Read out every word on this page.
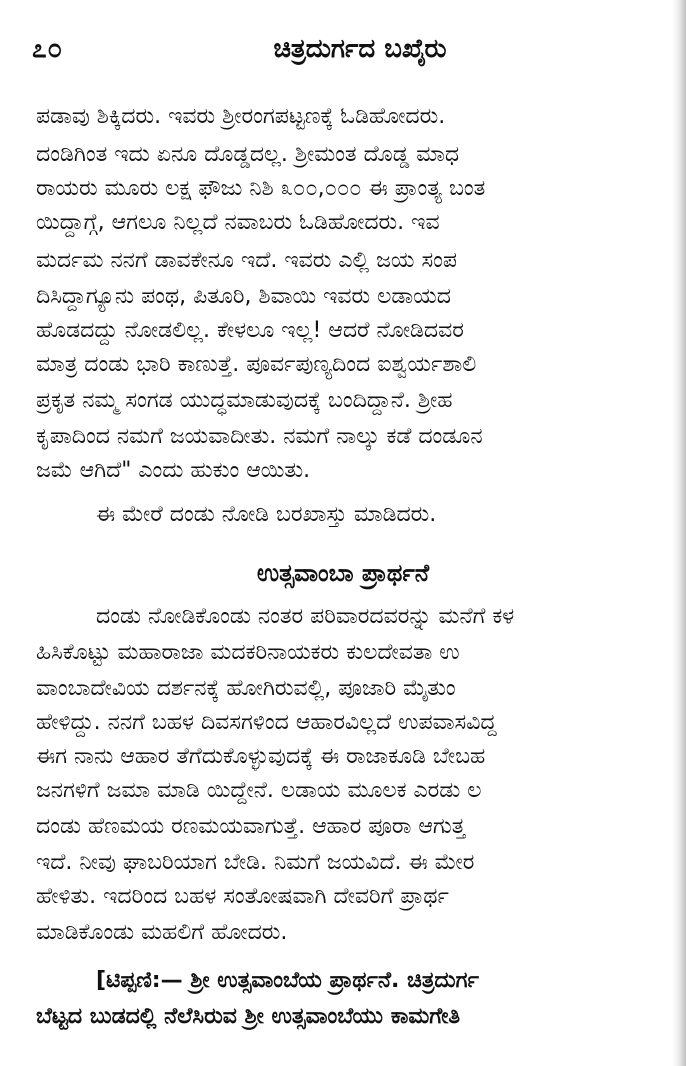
೭೦	ಚಿತ್ರದುರ್ಗದ ಬಖೈರು
ಪಡಾವು ಶಿಕ್ಕಿದರು. ಇವರು ಶ್ರೀರಂಗಪಟ್ಟಣಕ್ಕೆ ಓಡಿಹೋದರು.
ದಂಡಿಗಿಂತ ಇದು ಏನೂ ದೊಡ್ಡದಲ್ಲ. ಶ್ರೀಮಂತ ದೊಡ್ಡ ಮಾಧ
ರಾಯರು ಮೂರು ಲಕ್ಷ ಫೌಜು ನಿಶಿ ೩೦೦,೦೦೦ ಈ ಪ್ರಾಂತ್ಯ ಬಂತ
ಯಿದ್ದಾಗ್ಗೆ, ಆಗಲೂ ನಿಲ್ಲದೆ ನವಾಬರು ಓಡಿಹೋದರು. ಇವ
ಮರ್ದಮ ನನಗೆ ಡಾವಕೇನೂ ಇದೆ. ಇವರು ಎಲ್ಲಿ ಜಯ ಸಂಪ
ದಿಸಿದ್ದಾಗ್ಯೂನು ಪಂಥ, ಪಿತೂರಿ, ಶಿವಾಯಿ ಇವರು ಲಡಾಯದ
ಹೊಡದದ್ದು ನೋಡಲಿಲ್ಲ. ಕೇಳಲೂ ಇಲ್ಲ! ಆದರೆ ನೋಡಿದವರ
ಮಾತ್ರ ದಂಡು ಭಾರಿ ಕಾಣುತ್ತೆ. ಪೂರ್ವಪುಣ್ಯದಿಂದ ಐಶ್ವರ್ಯಶಾಲಿ
ಪ್ರಕೃತ ನಮ್ಮ ಸಂಗಡ ಯುದ್ಧಮಾಡುವುದಕ್ಕೆ ಬಂದಿದ್ದಾನೆ. ಶ್ರೀಹ
ಕೃಪಾದಿಂದ ನಮಗೆ ಜಯವಾದೀತು. ನಮಗೆ ನಾಲ್ಕು ಕಡೆ ದಂಡೂನ
ಜಮೆ ಆಗಿದೆ" ಎಂದು ಹುಕುಂ ಆಯಿತು.
ಈ ಮೇರೆ ದಂಡು ನೋಡಿ ಬರಖಾಸ್ತು ಮಾಡಿದರು.
ಉತ್ಸವಾಂಬಾ ಪ್ರಾರ್ಥನೆ
ದಂಡು ನೋಡಿಕೊಂಡು ನಂತರ ಪರಿವಾರದವರನ್ನು ಮನೆಗೆ ಕಳ
ಹಿಸಿಕೊಟ್ಟು ಮಹಾರಾಜಾ ಮದಕರಿನಾಯಕರು ಕುಲದೇವತಾ ಉ
ವಾಂಬಾದೇವಿಯ ದರ್ಶನಕ್ಕೆ ಹೋಗಿರುವಲ್ಲಿ, ಪೂಜಾರಿ ಮೈತುಂ
ಹೇಳಿದ್ದು. ನನಗೆ ಬಹಳ ದಿವಸಗಳಿಂದ ಆಹಾರವಿಲ್ಲದೆ ಉಪವಾಸವಿದ್ದ
ಈಗ ನಾನು ಆಹಾರ ತೆಗೆದುಕೊಳ್ಳುವುದಕ್ಕೆ ಈ ರಾಜಾಕೂಡಿ ಬೇಬಹ
ಜನಗಳಿಗೆ ಜಮಾ ಮಾಡಿ ಯಿದ್ದೇನೆ. ಲಡಾಯ ಮೂಲಕ ಎರಡು ಲ
ದಂಡು ಹೆಣಮಯ ರಣಮಯವಾಗುತ್ತೆ. ಆಹಾರ ಪೂರಾ ಆಗುತ್ತ
ಇದೆ. ನೀವು ಘಾಬರಿಯಾಗ ಬೇಡಿ. ನಿಮಗೆ ಜಯವಿದೆ. ಈ ಮೇರ
ಹೇಳಿತು. ಇದರಿಂದ ಬಹಳ ಸಂತೋಷವಾಗಿ ದೇವರಿಗೆ ಪ್ರಾರ್ಥ
ಮಾಡಿಕೊಂಡು ಮಹಲಿಗೆ ಹೋದರು.
[ಟಿಪ್ಪಣಿ:— ಶ್ರೀ ಉತ್ಸವಾಂಬೆಯ ಪ್ರಾರ್ಥನೆ. ಚಿತ್ರದುರ್ಗ
ಬೆಟ್ಟದ ಬುಡದಲ್ಲಿ ನೆಲೆಸಿರುವ ಶ್ರೀ ಉತ್ಸವಾಂಬೆಯು ಕಾಮಗೇತಿ
